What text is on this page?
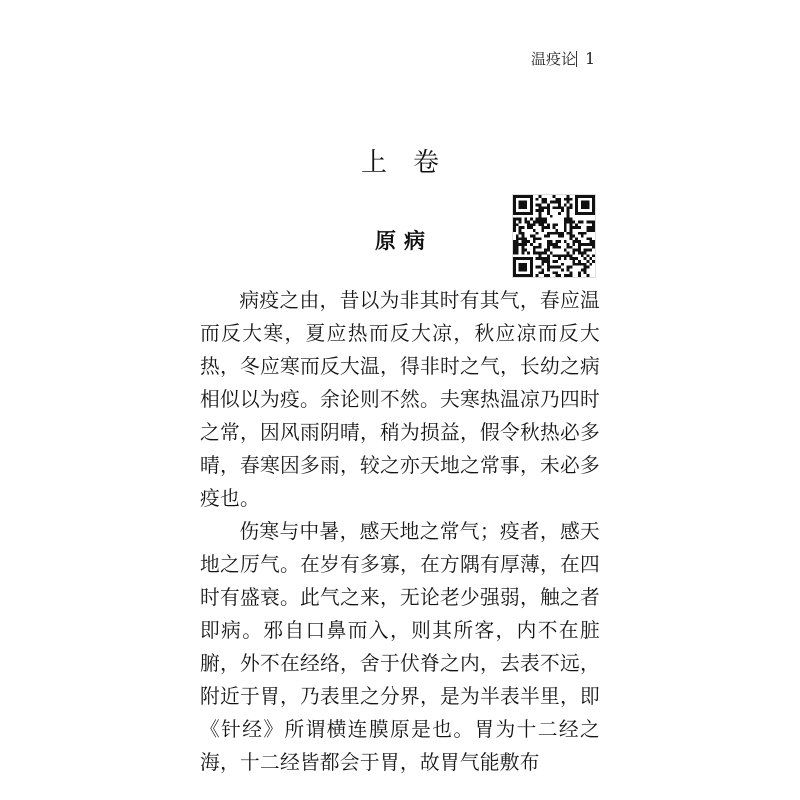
温疫论 1
上卷
原病

病疫之由，昔以为非其时有其气，春应温而反大寒，夏应热而反大凉，秋应凉而反大热，冬应寒而反大温，得非时之气，长幼之病相似以为疫。余论则不然。夫寒热温凉乃四时之常，因风雨阴晴，稍为损益，假令秋热必多晴，春寒因多雨，较之亦天地之常事，未必多疫也。

伤寒与中暑，感天地之常气；疫者，感天地之厉气。在岁有多寡，在方隅有厚薄，在四时有盛衰。此气之来，无论老少强弱，触之者即病。邪自口鼻而入，则其所客，内不在脏腑，外不在经络，舍于伏脊之内，去表不远，附近于胃，乃表里之分界，是为半表半里，即《针经》所谓横连膜原是也。胃为十二经之海，十二经皆都会于胃，故胃气能敷布
